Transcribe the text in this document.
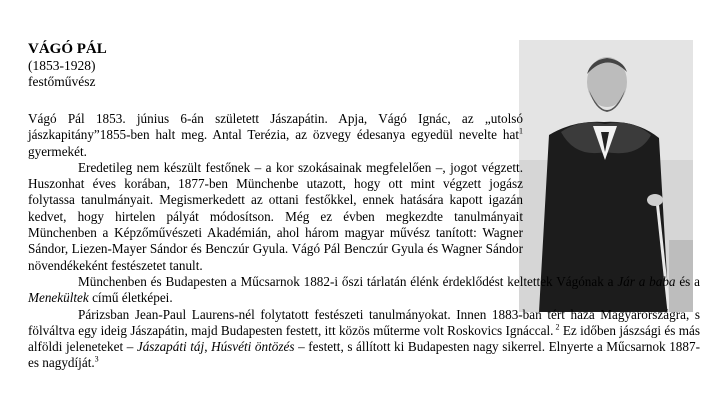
VÁGÓ PÁL
(1853-1928)
festőművész

Vágó Pál 1853. június 6-án született Jászapátin. Apja, Vágó Ignác, az „utolsó jászkapitány”1855-ben halt meg. Antal Terézia, az özvegy édesanya egyedül nevelte hat$^1$ gyermekét.

Eredetileg nem készült festőnek – a kor szokásainak megfelelően –, jogot végzett. Huszonhat éves korában, 1877-ben Münchenbe utazott, hogy ott mint végzett jogász folytassa tanulmányait. Megismerkedett az ottani festőkkel, ennek hatására kapott igazán kedvet, hogy hirtelen pályát módosítson. Még ez évben megkezdte tanulmányait Münchenben a Képzőművészeti Akadémián, ahol három magyar művész tanított: Wagner Sándor, Liezen-Mayer Sándor és Benczúr Gyula. Vágó Pál Benczúr Gyula és Wagner Sándor növendékeként festészetet tanult.

Münchenben és Budapesten a Műcsarnok 1882-i őszi tárlatán élénk érdeklődést keltettek Vágónak a Jár a baba és a Menekültek című életképei.

Párizsban Jean-Paul Laurens-nél folytatott festészeti tanulmányokat. Innen 1883-ban tért haza Magyarországra, s fölváltva egy ideig Jászapátin, majd Budapesten festett, itt közös műterme volt Roskovics Ignáccal. $^2$ Ez időben jászsági és más alföldi jeleneteket – Jászapáti táj, Húsvéti öntözés – festett, s állított ki Budapesten nagy sikerrel. Elnyerte a Műcsarnok 1887-es nagydíját.$^3$
